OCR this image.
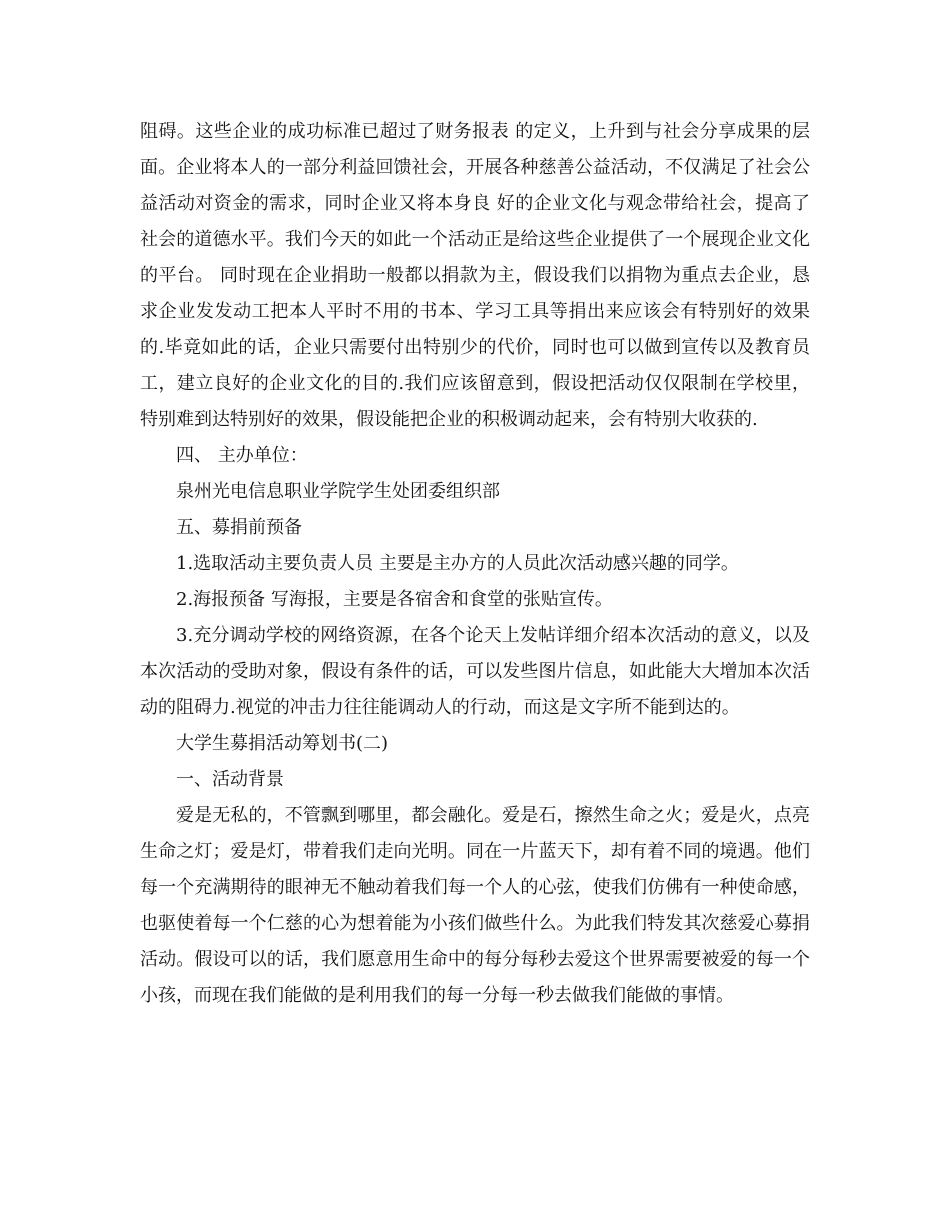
阻碍。这些企业的成功标准已超过了财务报表 的定义，上升到与社会分享成果的层面。企业将本人的一部分利益回馈社会，开展各种慈善公益活动，不仅满足了社会公益活动对资金的需求，同时企业又将本身良 好的企业文化与观念带给社会，提高了社会的道德水平。我们今天的如此一个活动正是给这些企业提供了一个展现企业文化的平台。 同时现在企业捐助一般都以捐款为主，假设我们以捐物为重点去企业，恳求企业发发动工把本人平时不用的书本、学习工具等捐出来应该会有特别好的效果的.毕竟如此的话，企业只需要付出特别少的代价，同时也可以做到宣传以及教育员工，建立良好的企业文化的目的.我们应该留意到，假设把活动仅仅限制在学校里，特别难到达特别好的效果，假设能把企业的积极调动起来，会有特别大收获的.

四、 主办单位：

泉州光电信息职业学院学生处团委组织部

五、募捐前预备

1.选取活动主要负责人员 主要是主办方的人员此次活动感兴趣的同学。

2.海报预备 写海报，主要是各宿舍和食堂的张贴宣传。

3.充分调动学校的网络资源，在各个论天上发帖详细介绍本次活动的意义，以及本次活动的受助对象，假设有条件的话，可以发些图片信息，如此能大大增加本次活动的阻碍力.视觉的冲击力往往能调动人的行动，而这是文字所不能到达的。

大学生募捐活动筹划书(二)

一、活动背景

爱是无私的，不管飘到哪里，都会融化。爱是石，擦然生命之火；爱是火，点亮生命之灯；爱是灯，带着我们走向光明。同在一片蓝天下，却有着不同的境遇。他们每一个充满期待的眼神无不触动着我们每一个人的心弦，使我们仿佛有一种使命感，也驱使着每一个仁慈的心为想着能为小孩们做些什么。为此我们特发其次慈爱心募捐活动。假设可以的话，我们愿意用生命中的每分每秒去爱这个世界需要被爱的每一个小孩，而现在我们能做的是利用我们的每一分每一秒去做我们能做的事情。
